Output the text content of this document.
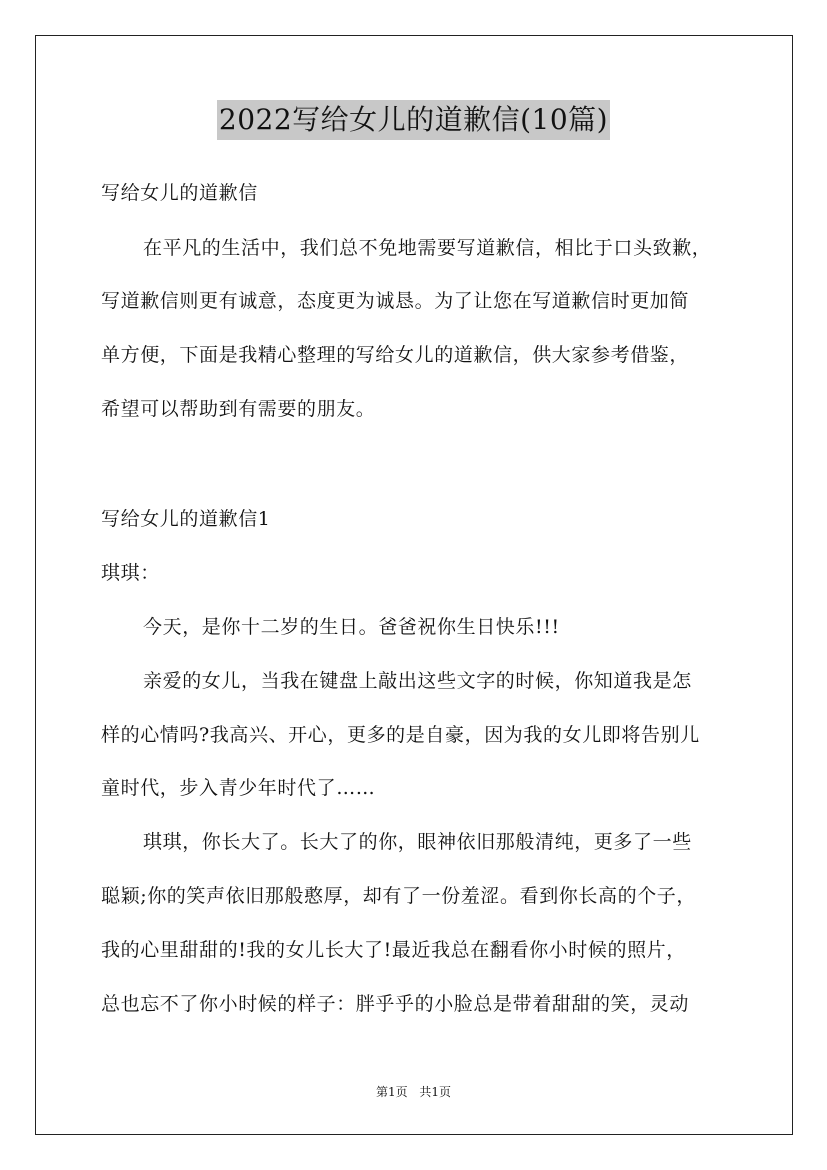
2022写给女儿的道歉信(10篇)
写给女儿的道歉信
在平凡的生活中，我们总不免地需要写道歉信，相比于口头致歉，
写道歉信则更有诚意，态度更为诚恳。为了让您在写道歉信时更加简
单方便，下面是我精心整理的写给女儿的道歉信，供大家参考借鉴，
希望可以帮助到有需要的朋友。
写给女儿的道歉信1
琪琪：
今天，是你十二岁的生日。爸爸祝你生日快乐!!!
亲爱的女儿，当我在键盘上敲出这些文字的时候，你知道我是怎
样的心情吗?我高兴、开心，更多的是自豪，因为我的女儿即将告别儿
童时代，步入青少年时代了……
琪琪，你长大了。长大了的你，眼神依旧那般清纯，更多了一些
聪颖;你的笑声依旧那般憨厚，却有了一份羞涩。看到你长高的个子，
我的心里甜甜的!我的女儿长大了!最近我总在翻看你小时候的照片，
总也忘不了你小时候的样子：胖乎乎的小脸总是带着甜甜的笑，灵动
第1页 共1页
